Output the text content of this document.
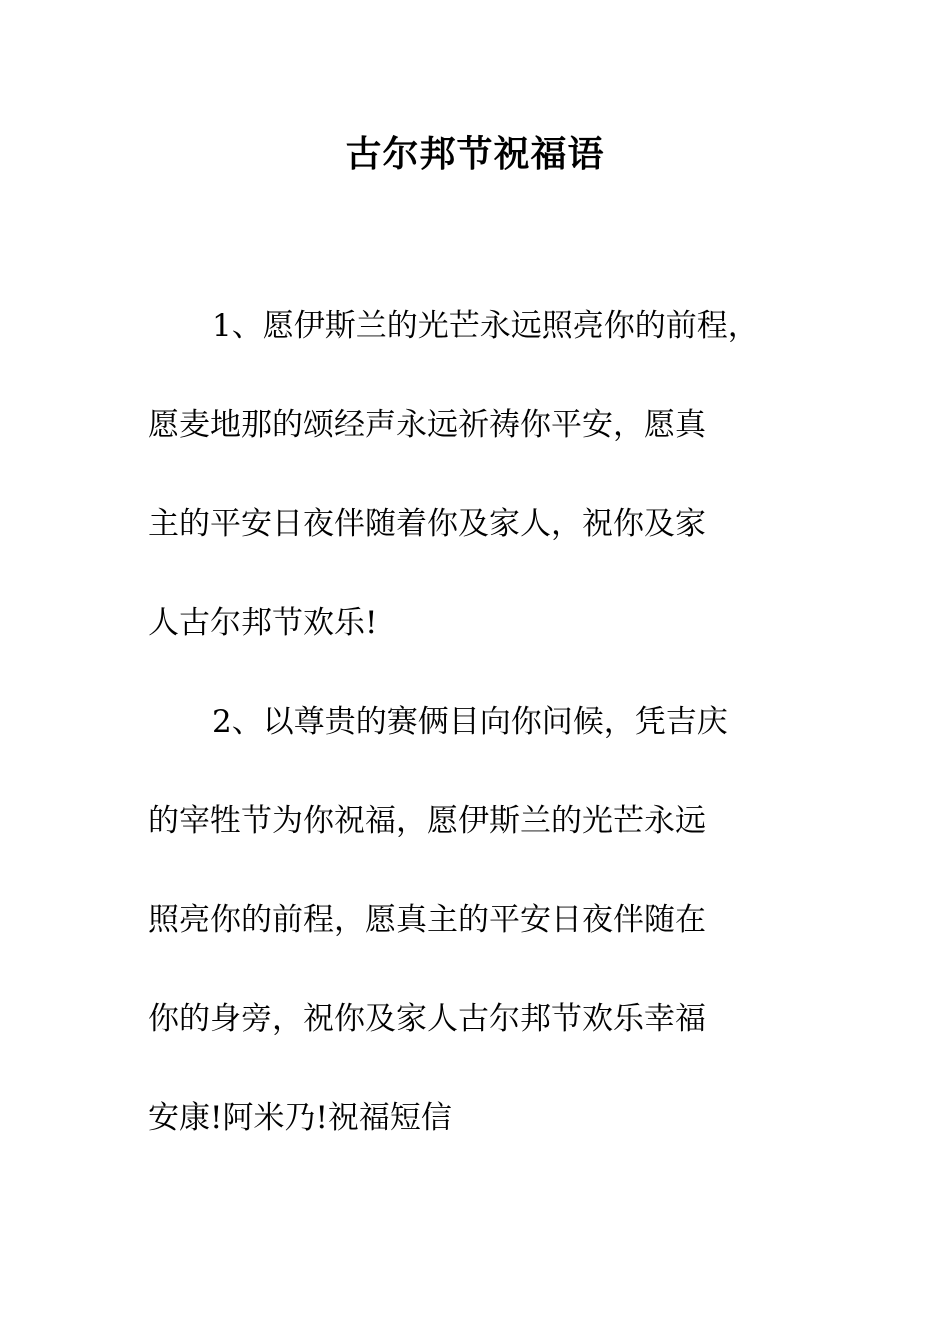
古尔邦节祝福语

1、愿伊斯兰的光芒永远照亮你的前程，

愿麦地那的颂经声永远祈祷你平安，愿真

主的平安日夜伴随着你及家人，祝你及家

人古尔邦节欢乐!

2、以尊贵的赛俩目向你问候，凭吉庆

的宰牲节为你祝福，愿伊斯兰的光芒永远

照亮你的前程，愿真主的平安日夜伴随在

你的身旁，祝你及家人古尔邦节欢乐幸福

安康!阿米乃!祝福短信
